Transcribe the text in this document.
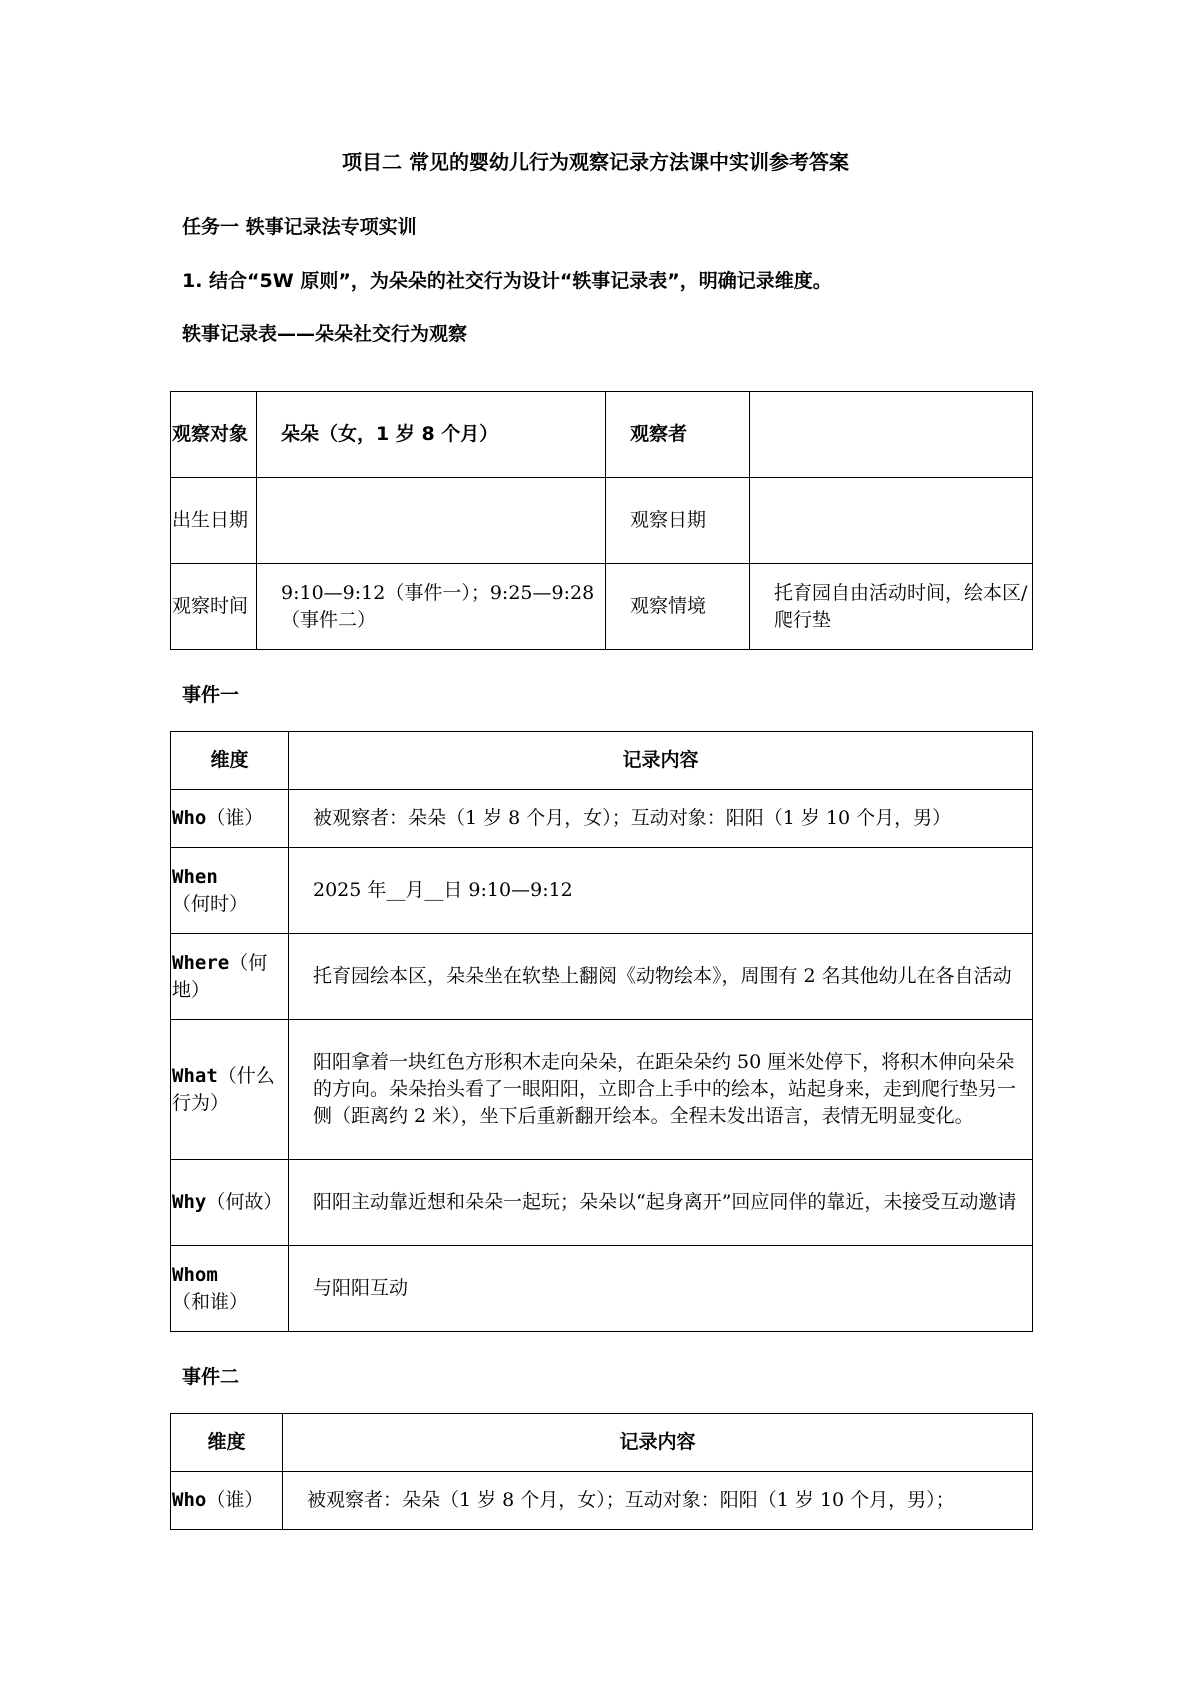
项目二 常见的婴幼儿行为观察记录方法课中实训参考答案
任务一 轶事记录法专项实训
1. 结合“5W 原则”，为朵朵的社交行为设计“轶事记录表”，明确记录维度。
轶事记录表——朵朵社交行为观察
观察对象	朵朵（女，1 岁 8 个月）	观察者	
出生日期		观察日期	
观察时间	9:10—9:12（事件一）；9:25—9:28（事件二）	观察情境	托育园自由活动时间，绘本区/爬行垫
事件一
维度	记录内容
Who（谁）	被观察者：朵朵（1 岁 8 个月，女）；互动对象：阳阳（1 岁 10 个月，男）
When（何时）	2025 年__月__日 9:10—9:12
Where（何地）	托育园绘本区，朵朵坐在软垫上翻阅《动物绘本》，周围有 2 名其他幼儿在各自活动
What（什么行为）	阳阳拿着一块红色方形积木走向朵朵，在距朵朵约 50 厘米处停下，将积木伸向朵朵的方向。朵朵抬头看了一眼阳阳，立即合上手中的绘本，站起身来，走到爬行垫另一侧（距离约 2 米），坐下后重新翻开绘本。全程未发出语言，表情无明显变化。
Why（何故）	阳阳主动靠近想和朵朵一起玩；朵朵以“起身离开”回应同伴的靠近，未接受互动邀请
Whom（和谁）	与阳阳互动
事件二
维度	记录内容
Who（谁）	被观察者：朵朵（1 岁 8 个月，女）；互动对象：阳阳（1 岁 10 个月，男）；
